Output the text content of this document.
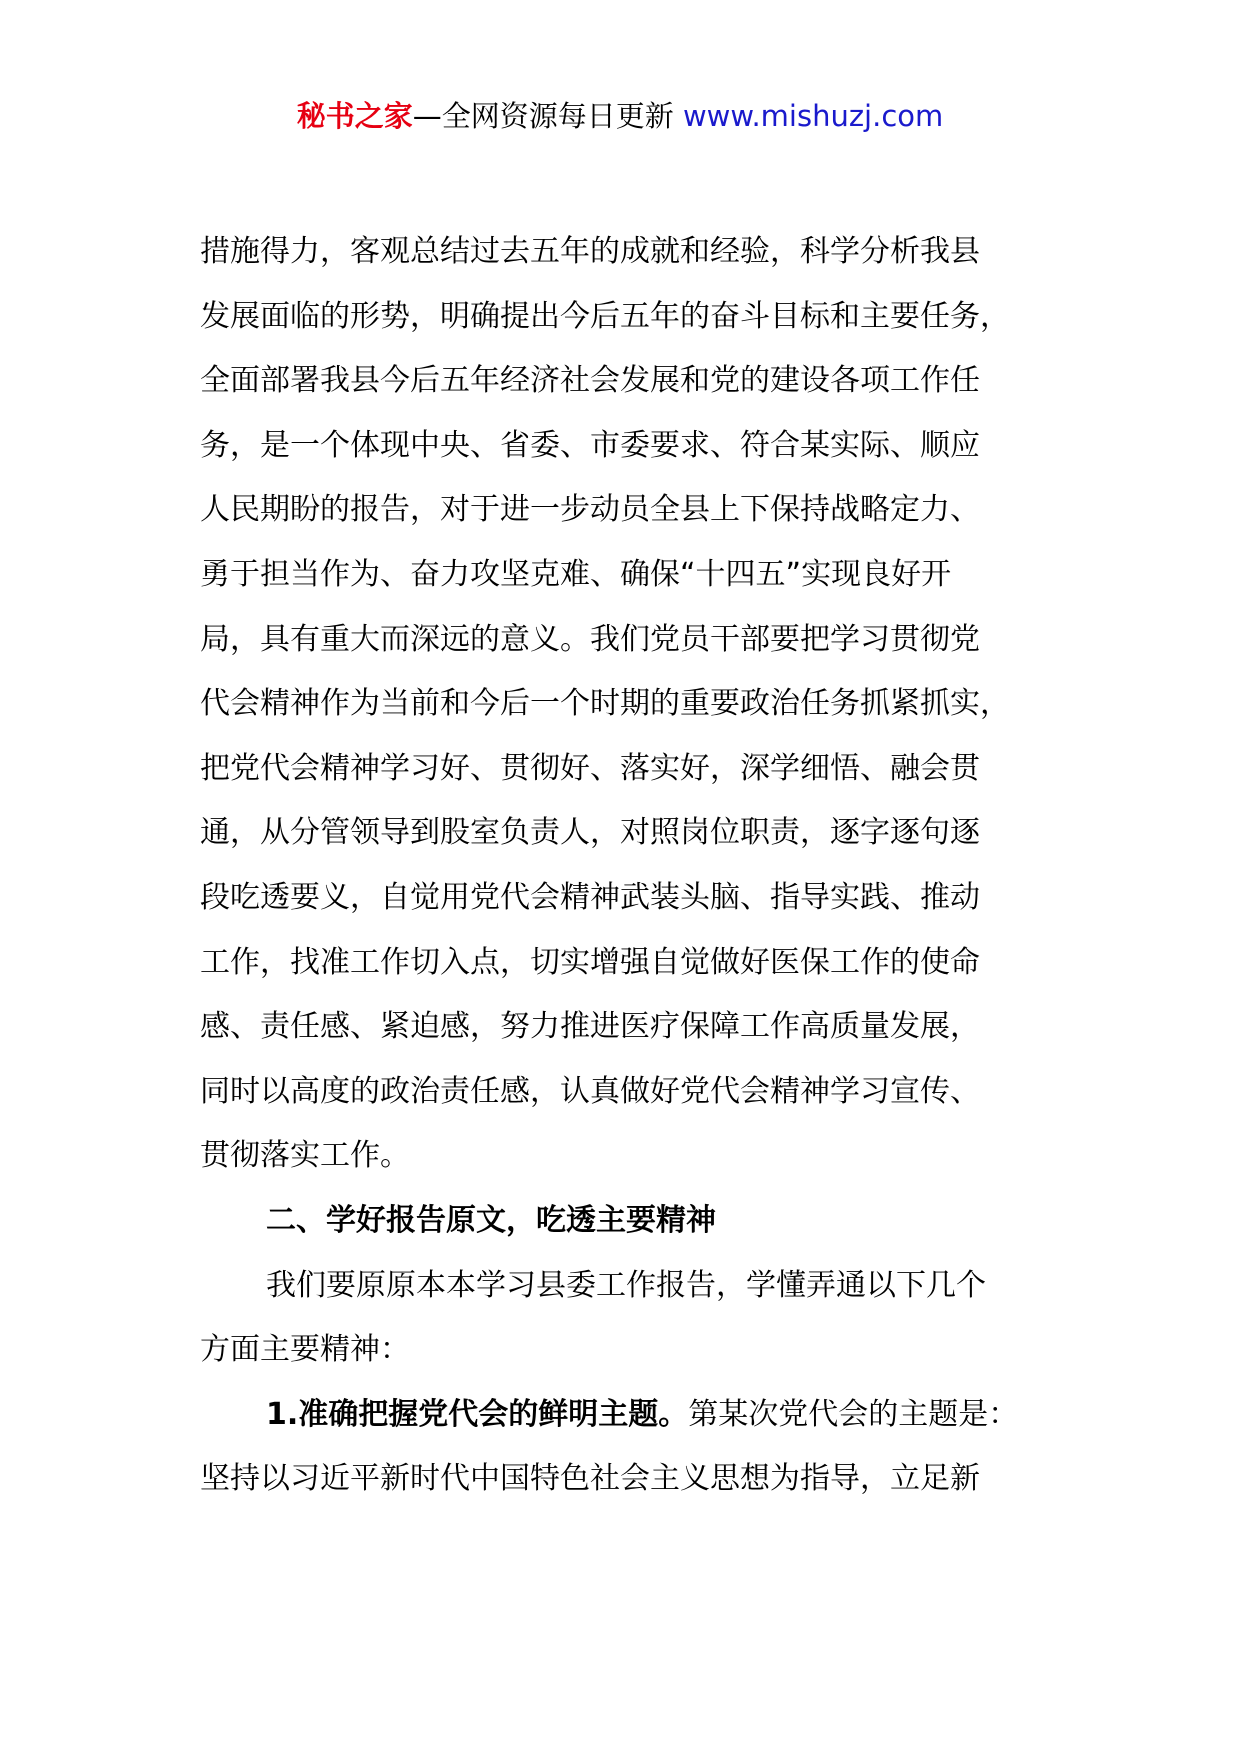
秘书之家—全网资源每日更新 www.mishuzj.com
措施得力，客观总结过去五年的成就和经验，科学分析我县
发展面临的形势，明确提出今后五年的奋斗目标和主要任务，
全面部署我县今后五年经济社会发展和党的建设各项工作任
务，是一个体现中央、省委、市委要求、符合某实际、顺应
人民期盼的报告，对于进一步动员全县上下保持战略定力、
勇于担当作为、奋力攻坚克难、确保“十四五”实现良好开
局，具有重大而深远的意义。我们党员干部要把学习贯彻党
代会精神作为当前和今后一个时期的重要政治任务抓紧抓实，
把党代会精神学习好、贯彻好、落实好，深学细悟、融会贯
通，从分管领导到股室负责人，对照岗位职责，逐字逐句逐
段吃透要义，自觉用党代会精神武装头脑、指导实践、推动
工作，找准工作切入点，切实增强自觉做好医保工作的使命
感、责任感、紧迫感，努力推进医疗保障工作高质量发展，
同时以高度的政治责任感，认真做好党代会精神学习宣传、
贯彻落实工作。
二、学好报告原文，吃透主要精神
我们要原原本本学习县委工作报告，学懂弄通以下几个
方面主要精神：
1.准确把握党代会的鲜明主题。第某次党代会的主题是：
坚持以习近平新时代中国特色社会主义思想为指导，立足新
